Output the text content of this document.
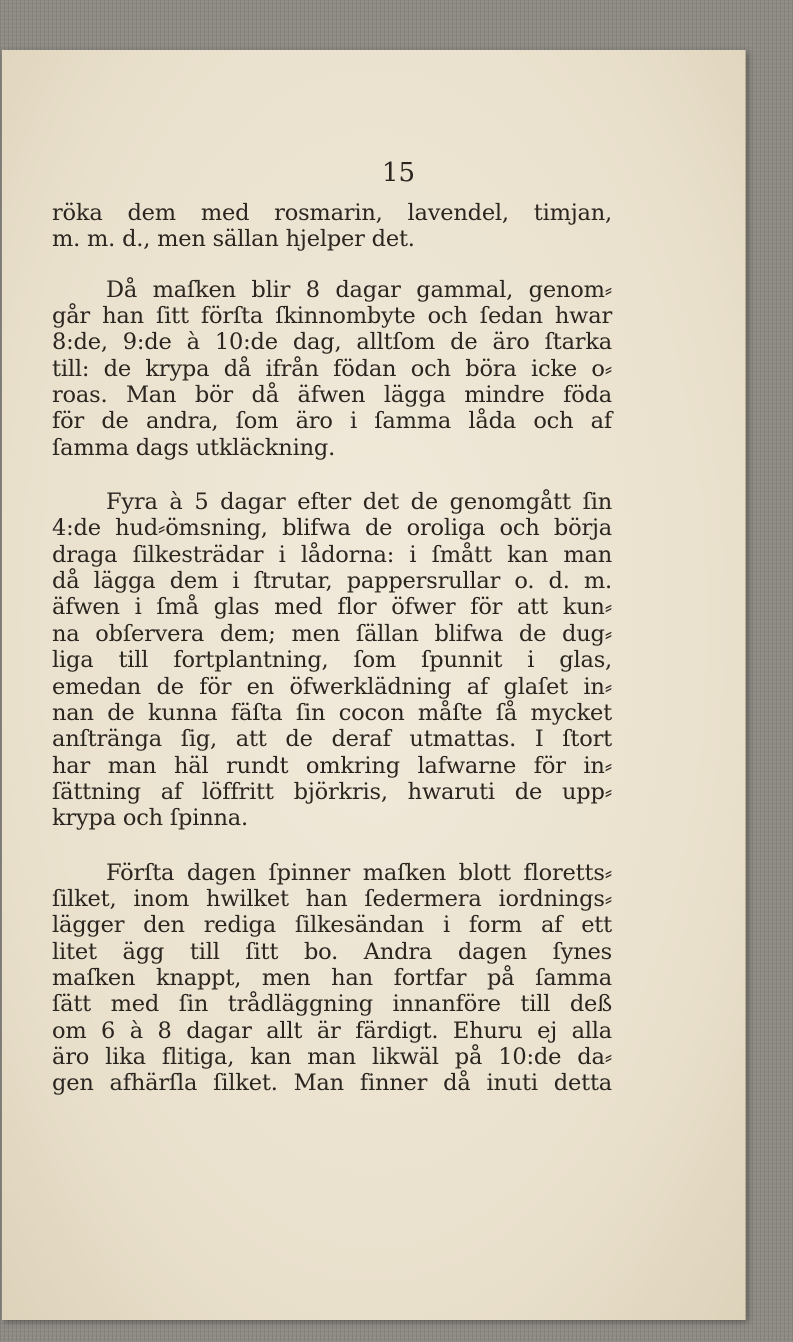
15
röka dem med rosmarin, lavendel, timjan,
m. m. d., men sällan hjelper det.
Då maſken blir 8 dagar gammal, genom⸗
går han ſitt förſta ſkinnombyte och ſedan hwar
8:de, 9:de à 10:de dag, alltſom de äro ſtarka
till: de krypa då ifrån födan och böra icke o⸗
roas. Man bör då äfwen lägga mindre föda
för de andra, ſom äro i ſamma låda och af
ſamma dags utkläckning.
Fyra à 5 dagar efter det de genomgått ſin
4:de hud⸗ömsning, blifwa de oroliga och börja
draga ſilkesträdar i lådorna: i ſmått kan man
då lägga dem i ſtrutar, pappersrullar o. d. m.
äfwen i ſmå glas med flor öfwer för att kun⸗
na obſervera dem; men ſällan blifwa de dug⸗
liga till fortplantning, ſom ſpunnit i glas,
emedan de för en öfwerklädning af glaſet in⸗
nan de kunna fäſta ſin cocon måſte ſå mycket
anſtränga ſig, att de deraf utmattas. I ſtort
har man häl rundt omkring lafwarne för in⸗
ſättning af löffritt björkris, hwaruti de upp⸗
krypa och ſpinna.
Förſta dagen ſpinner maſken blott floretts⸗
ſilket, inom hwilket han ſedermera iordnings⸗
lägger den redigа ſilkesändan i form af ett
litet ägg till ſitt bo. Andra dagen ſynes
maſken knappt, men han fortfar på ſamma
ſätt med ſin trådläggning innanföre till deß
om 6 à 8 dagar allt är färdigt. Ehuru ej alla
äro lika flitiga, kan man likwäl på 10:de da⸗
gen afhärſla ſilket. Man finner då inuti detta
